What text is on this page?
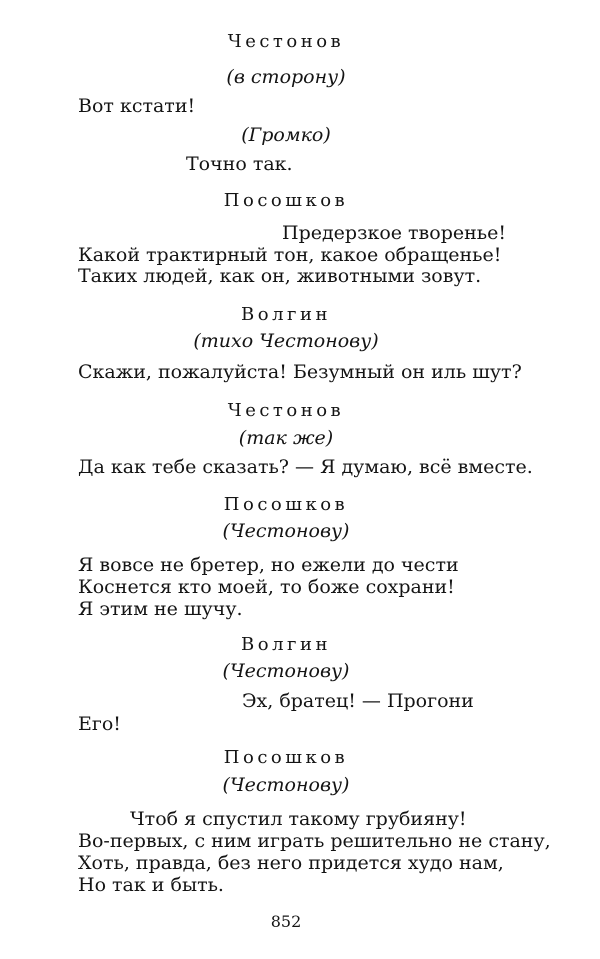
Честонов
(в сторону)
Вот кстати!
(Громко)
Точно так.
Посошков
Предерзкое творенье!
Какой трактирный тон, какое обращенье!
Таких людей, как он, животными зовут.
Волгин
(тихо Честонову)
Скажи, пожалуйста! Безумный он иль шут?
Честонов
(так же)
Да как тебе сказать? — Я думаю, всё вместе.
Посошков
(Честонову)
Я вовсе не бретер, но ежели до чести
Коснется кто моей, то боже сохрани!
Я этим не шучу.
Волгин
(Честонову)
Эх, братец! — Прогони
Его!
Посошков
(Честонову)
Чтоб я спустил такому грубияну!
Во-первых, с ним играть решительно не стану,
Хоть, правда, без него придется худо нам,
Но так и быть.
852
